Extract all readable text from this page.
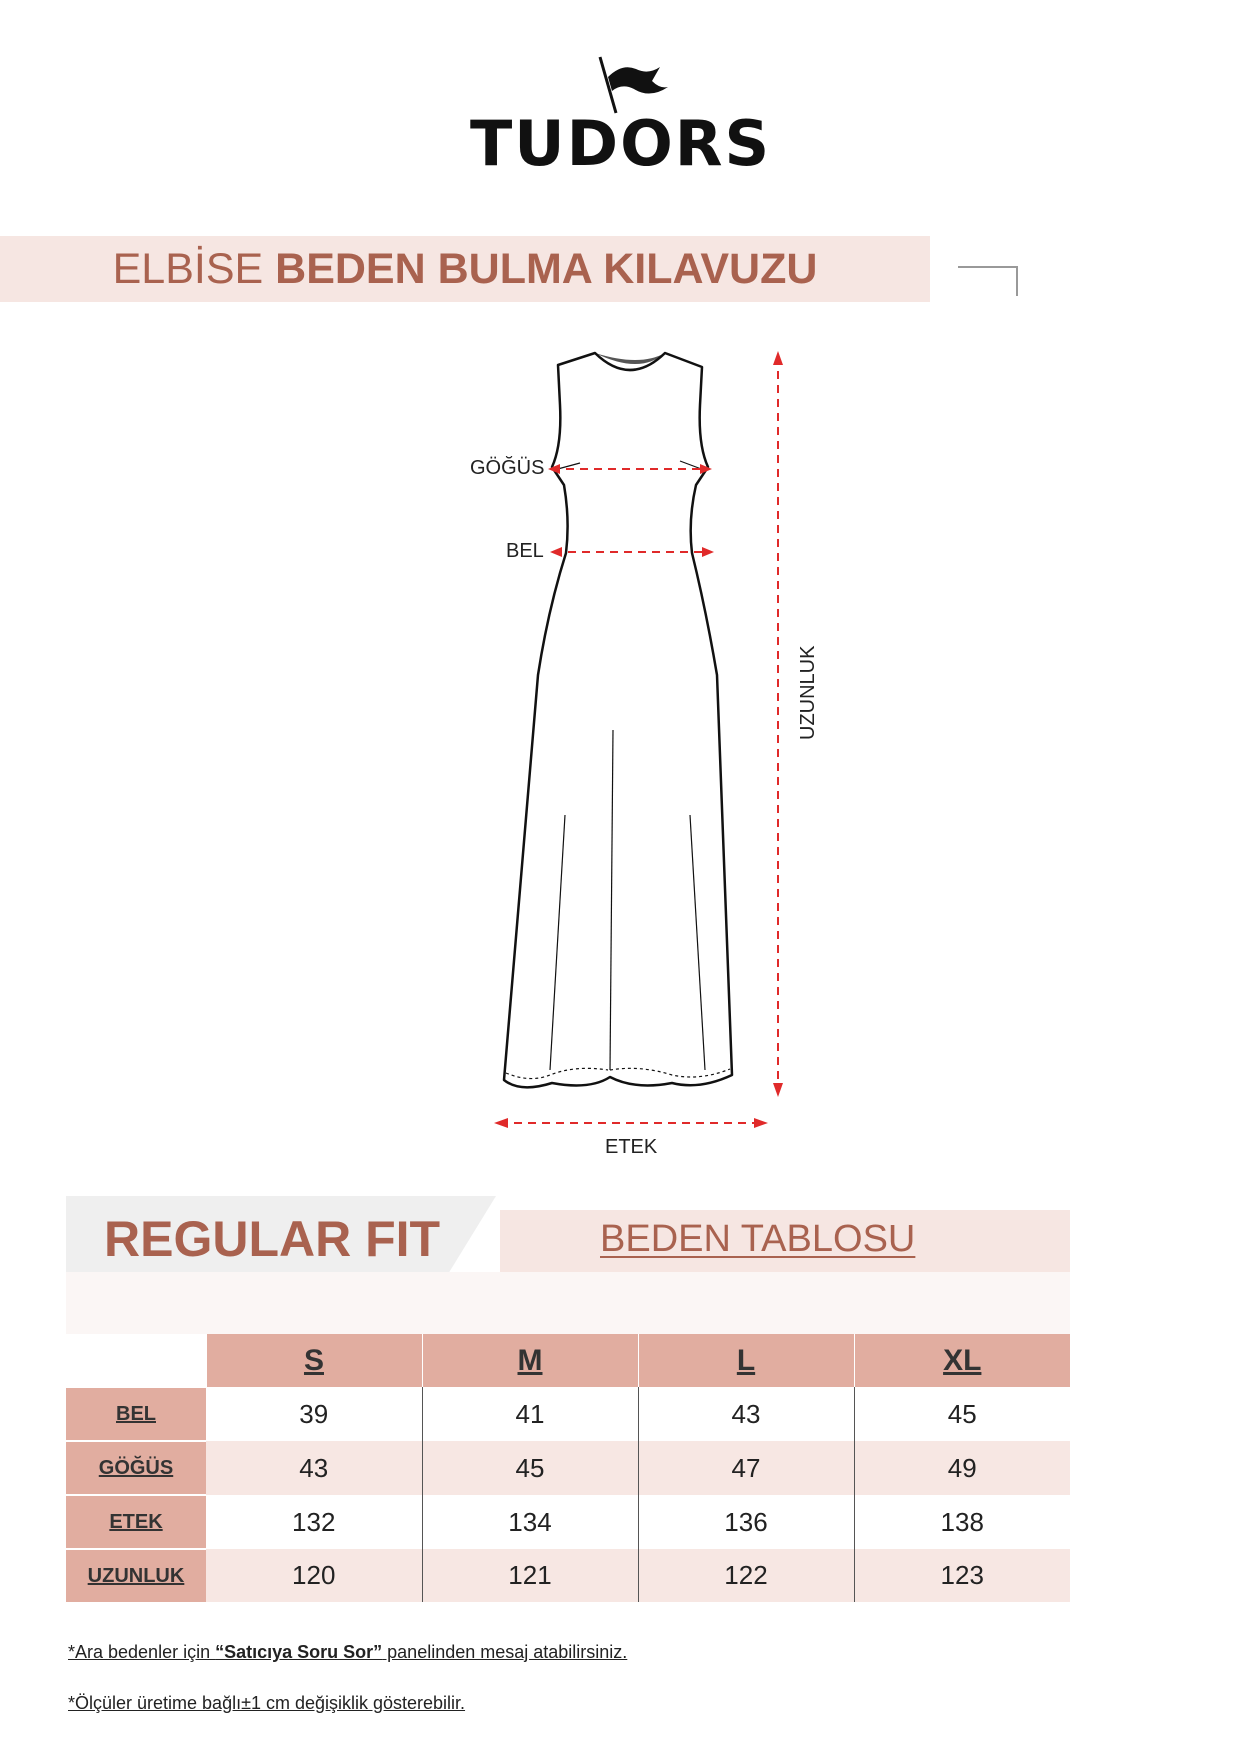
TUDORS
ELBİSE BEDEN BULMA KILAVUZU
GÖĞÜS
BEL
ETEK
UZUNLUK
REGULAR FIT	BEDEN TABLOSU
	S	M	L	XL
BEL	39	41	43	45
GÖĞÜS	43	45	47	49
ETEK	132	134	136	138
UZUNLUK	120	121	122	123
*Ara bedenler için “Satıcıya Soru Sor” panelinden mesaj atabilirsiniz.
*Ölçüler üretime bağlı±1 cm değişiklik gösterebilir.
